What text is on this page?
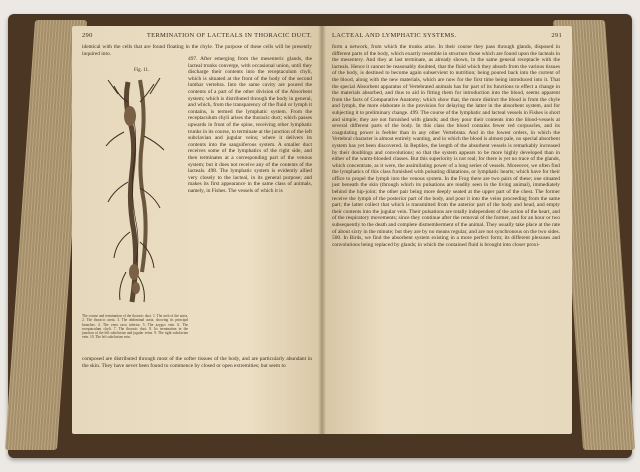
290	TERMINATION OF LACTEALS IN THORACIC DUCT.
identical with the cells that are found floating in the chyle. The purpose of these cells will be presently inquired into.
Fig. 11.
497. After emerging from the mesenteric glands, the lacteal trunks converge, with occasional union, until they discharge their contents into the receptaculum chyli, which is situated at the front of the body of the second lumbar vertebra. Into the same cavity are poured the contents of a part of the other division of the Absorbent system; which is distributed through the body in general, and which, from the transparency of the fluid or lymph it contains, is termed the lymphatic system. From the receptaculum chyli arises the thoracic duct; which passes upwards in front of the spine, receiving other lymphatic trunks in its course, to terminate at the junction of the left subclavian and jugular veins; where it delivers its contents into the sanguiferous system. A smaller duct receives some of the lymphatics of the right side, and then terminates at a corresponding part of the venous system; but it does not receive any of the contents of the lacteals. 498. The lymphatic system is evidently allied very closely to the lacteal, in its general purpose; and makes its first appearance in the same class of animals, namely, in Fishes. The vessels of which it is
The course and termination of the thoracic duct. 1. The arch of the aorta. 2. The thoracic aorta. 3. The abdominal aorta, showing its principal branches. 4. The vena cava inferior. 5. The azygos vein. 6. The receptaculum chyli. 7. The thoracic duct. 8. Its termination in the junction of the left subclavian and jugular veins. 9. The right subclavian vein. 10. The left subclavian vein.
composed are distributed through most of the softer tissues of the body, and are particularly abundant in the skin. They have never been found to commence by closed or open extremities; but seem to
LACTEAL AND LYMPHATIC SYSTEMS.	291
form a network, from which the trunks arise. In their course they pass through glands, disposed in different parts of the body, which exactly resemble in structure those which are found upon the lacteals in the mesentery. And they at last terminate, as already shown, in the same general receptacle with the lacteals. Hence it cannot be reasonably doubted, that the fluid which they absorb from the various tissues of the body, is destined to become again subservient to nutrition; being poured back into the current of the blood, along with the new materials, which are now for the first time being introduced into it. That the special Absorbent apparatus of Vertebrated animals has for part of its functions to effect a change in the materials absorbed, and thus to aid in fitting them for introduction into the blood, seems apparent from the facts of Comparative Anatomy; which show that, the more distinct the blood is from the chyle and lymph, the more elaborate is the provision for delaying the latter in the absorbent system, and for subjecting it to preliminary change. 499. The course of the lymphatic and lacteal vessels in Fishes is short and simple; they are not furnished with glands; and they pour their contents into the blood-vessels at several different parts of the body. In this class the blood contains fewer red corpuscles, and its coagulating power is feebler than in any other Vertebrata. And in the lowest orders, in which the Vertebral character is almost entirely wanting, and in which the blood is almost pale, no special absorbent system has yet been discovered. In Reptiles, the length of the absorbent vessels is remarkably increased by their doublings and convolutions; so that the system appears to be more highly developed than in either of the warm-blooded classes. But this superiority is not real; for there is yet no trace of the glands, which concentrate, as it were, the assimilating power of a long series of vessels. Moreover, we often find the lymphatics of this class furnished with pulsating dilatations, or lymphatic hearts; which have for their office to propel the lymph into the venous system. In the Frog there are two pairs of these; one situated just beneath the skin (through which its pulsations are readily seen in the living animal), immediately behind the hip-joint; the other pair being more deeply seated at the upper part of the chest. The former receive the lymph of the posterior part of the body, and pour it into the veins proceeding from the same part; the latter collect that which is transmitted from the anterior part of the body and head, and empty their contents into the jugular vein. Their pulsations are totally independent of the action of the heart, and of the respiratory movements; since they continue after the removal of the former, and for an hour or two subsequently to the death and complete dismemberment of the animal. They usually take place at the rate of about sixty in the minute; but they are by no means regular, and are not synchronous on the two sides. 500. In Birds, we find the absorbent system existing in a more perfect form; its different plexuses and convolutions being replaced by glands; in which the contained fluid is brought into closer proxi-
